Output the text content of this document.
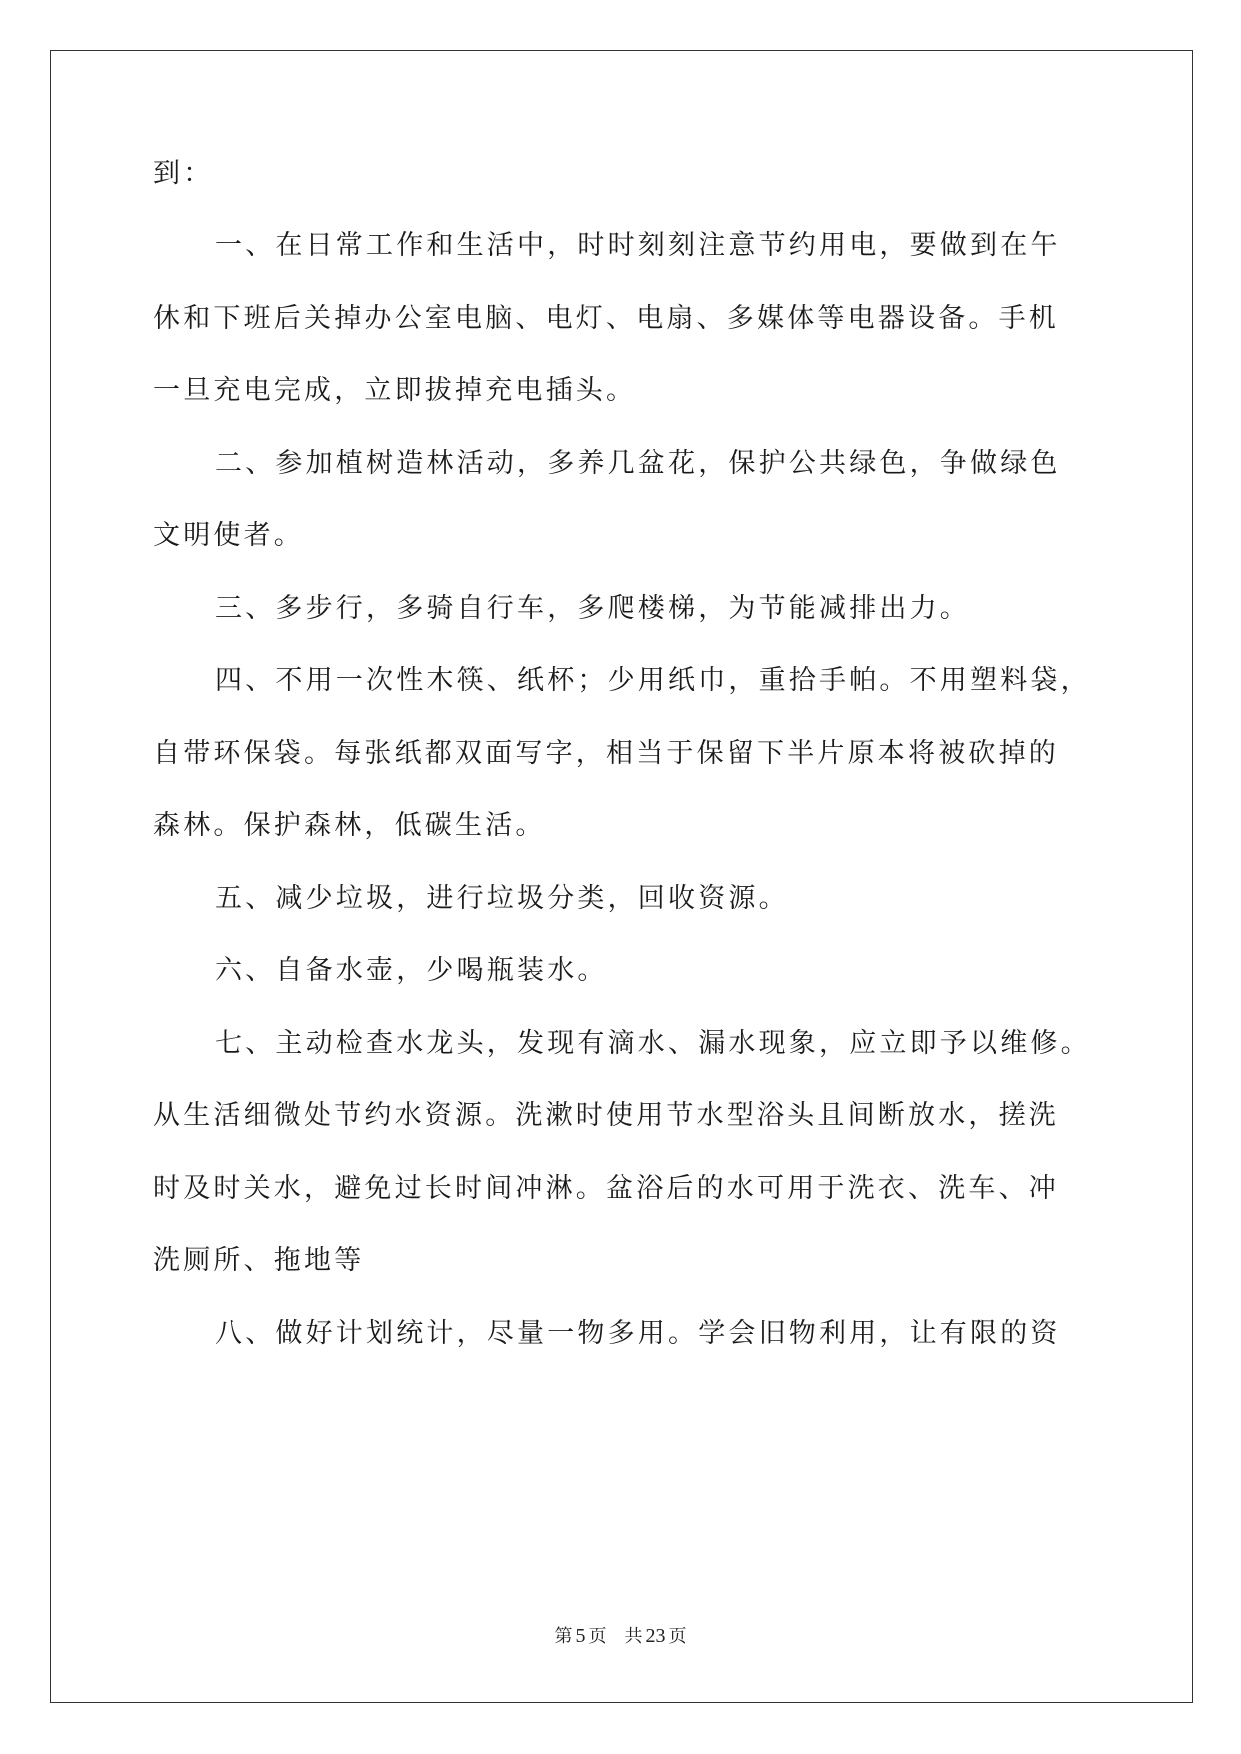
到：
一、在日常工作和生活中，时时刻刻注意节约用电，要做到在午
休和下班后关掉办公室电脑、电灯、电扇、多媒体等电器设备。手机
一旦充电完成，立即拔掉充电插头。
二、参加植树造林活动，多养几盆花，保护公共绿色，争做绿色
文明使者。
三、多步行，多骑自行车，多爬楼梯，为节能减排出力。
四、不用一次性木筷、纸杯；少用纸巾，重拾手帕。不用塑料袋，
自带环保袋。每张纸都双面写字，相当于保留下半片原本将被砍掉的
森林。保护森林，低碳生活。
五、减少垃圾，进行垃圾分类，回收资源。
六、自备水壶，少喝瓶装水。
七、主动检查水龙头，发现有滴水、漏水现象，应立即予以维修。
从生活细微处节约水资源。洗漱时使用节水型浴头且间断放水，搓洗
时及时关水，避免过长时间冲淋。盆浴后的水可用于洗衣、洗车、冲
洗厕所、拖地等
八、做好计划统计，尽量一物多用。学会旧物利用，让有限的资
第 5 页 共 23 页
